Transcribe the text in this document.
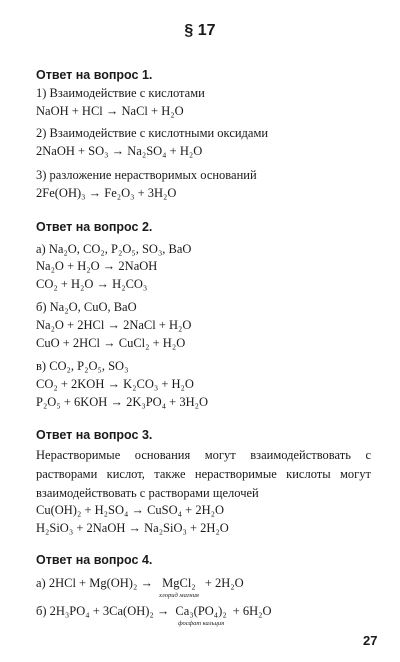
§ 17
Ответ на вопрос 1.
1) Взаимодействие с кислотами
NaOH + HCl → NaCl + H₂O
2) Взаимодействие с кислотными оксидами
2NaOH + SO₃ → Na₂SO₄ + H₂O
3) разложение нерастворимых оснований
2Fe(OH)₃ → Fe₂O₃ + 3H₂O
Ответ на вопрос 2.
а) Na₂O, CO₂, P₂O₅, SO₃, BaO
Na₂O + H₂O → 2NaOH
CO₂ + H₂O → H₂CO₃
б) Na₂O, CuO, BaO
Na₂O + 2HCl → 2NaCl + H₂O
CuO + 2HCl → CuCl₂ + H₂O
в) CO₂, P₂O₅, SO₃
CO₂ + 2KOH → K₂CO₃ + H₂O
P₂O₅ + 6KOH → 2K₃PO₄ + 3H₂O
Ответ на вопрос 3.
Нерастворимые основания могут взаимодействовать с растворами кислот, также нерастворимые кислоты могут взаимодействовать с растворами щелочей
Cu(OH)₂ + H₂SO₄ → CuSO₄ + 2H₂O
H₂SiO₃ + 2NaOH → Na₂SiO₃ + 2H₂O
Ответ на вопрос 4.
а) 2HCl + Mg(OH)₂ → MgCl₂
хлорид магния
+ 2H₂O
б) 2H₃PO₄ + 3Ca(OH)₂ → Ca₃(PO₄)₂
фосфат кальция
+ 6H₂O
27
